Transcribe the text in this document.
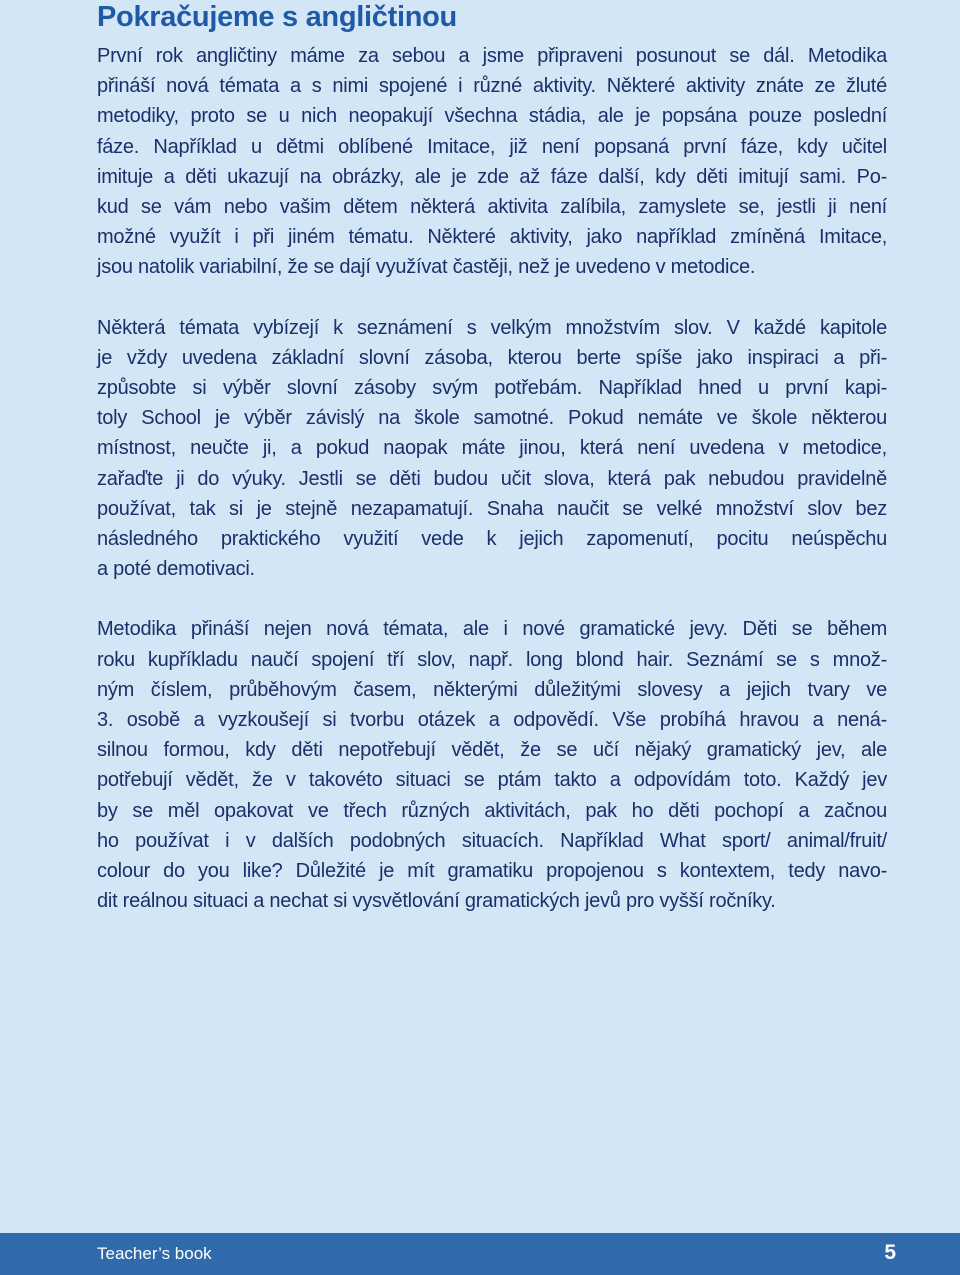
Pokračujeme s angličtinou

První rok angličtiny máme za sebou a jsme připraveni posunout se dál. Metodika
přináší nová témata a s nimi spojené i různé aktivity. Některé aktivity znáte ze žluté
metodiky, proto se u nich neopakují všechna stádia, ale je popsána pouze poslední
fáze. Například u dětmi oblíbené Imitace, již není popsaná první fáze, kdy učitel
imituje a děti ukazují na obrázky, ale je zde až fáze další, kdy děti imitují sami. Po-
kud se vám nebo vašim dětem některá aktivita zalíbila, zamyslete se, jestli ji není
možné využít i při jiném tématu. Některé aktivity, jako například zmíněná Imitace,
jsou natolik variabilní, že se dají využívat častěji, než je uvedeno v metodice.

Některá témata vybízejí k seznámení s velkým množstvím slov. V každé kapitole
je vždy uvedena základní slovní zásoba, kterou berte spíše jako inspiraci a při-
způsobte si výběr slovní zásoby svým potřebám. Například hned u první kapi-
toly School je výběr závislý na škole samotné. Pokud nemáte ve škole některou
místnost, neučte ji, a pokud naopak máte jinou, která není uvedena v metodice,
zařaďte ji do výuky. Jestli se děti budou učit slova, která pak nebudou pravidelně
používat, tak si je stejně nezapamatují. Snaha naučit se velké množství slov bez
následného praktického využití vede k jejich zapomenutí, pocitu neúspěchu
a poté demotivaci.

Metodika přináší nejen nová témata, ale i nové gramatické jevy. Děti se během
roku kupříkladu naučí spojení tří slov, např. long blond hair. Seznámí se s množ-
ným číslem, průběhovým časem, některými důležitými slovesy a jejich tvary ve
3. osobě a vyzkoušejí si tvorbu otázek a odpovědí. Vše probíhá hravou a nená-
silnou formou, kdy děti nepotřebují vědět, že se učí nějaký gramatický jev, ale
potřebují vědět, že v takovéto situaci se ptám takto a odpovídám toto. Každý jev
by se měl opakovat ve třech různých aktivitách, pak ho děti pochopí a začnou
ho používat i v dalších podobných situacích. Například What sport/ animal/fruit/
colour do you like? Důležité je mít gramatiku propojenou s kontextem, tedy navo-
dit reálnou situaci a nechat si vysvětlování gramatických jevů pro vyšší ročníky.

Teacher’s book	5
